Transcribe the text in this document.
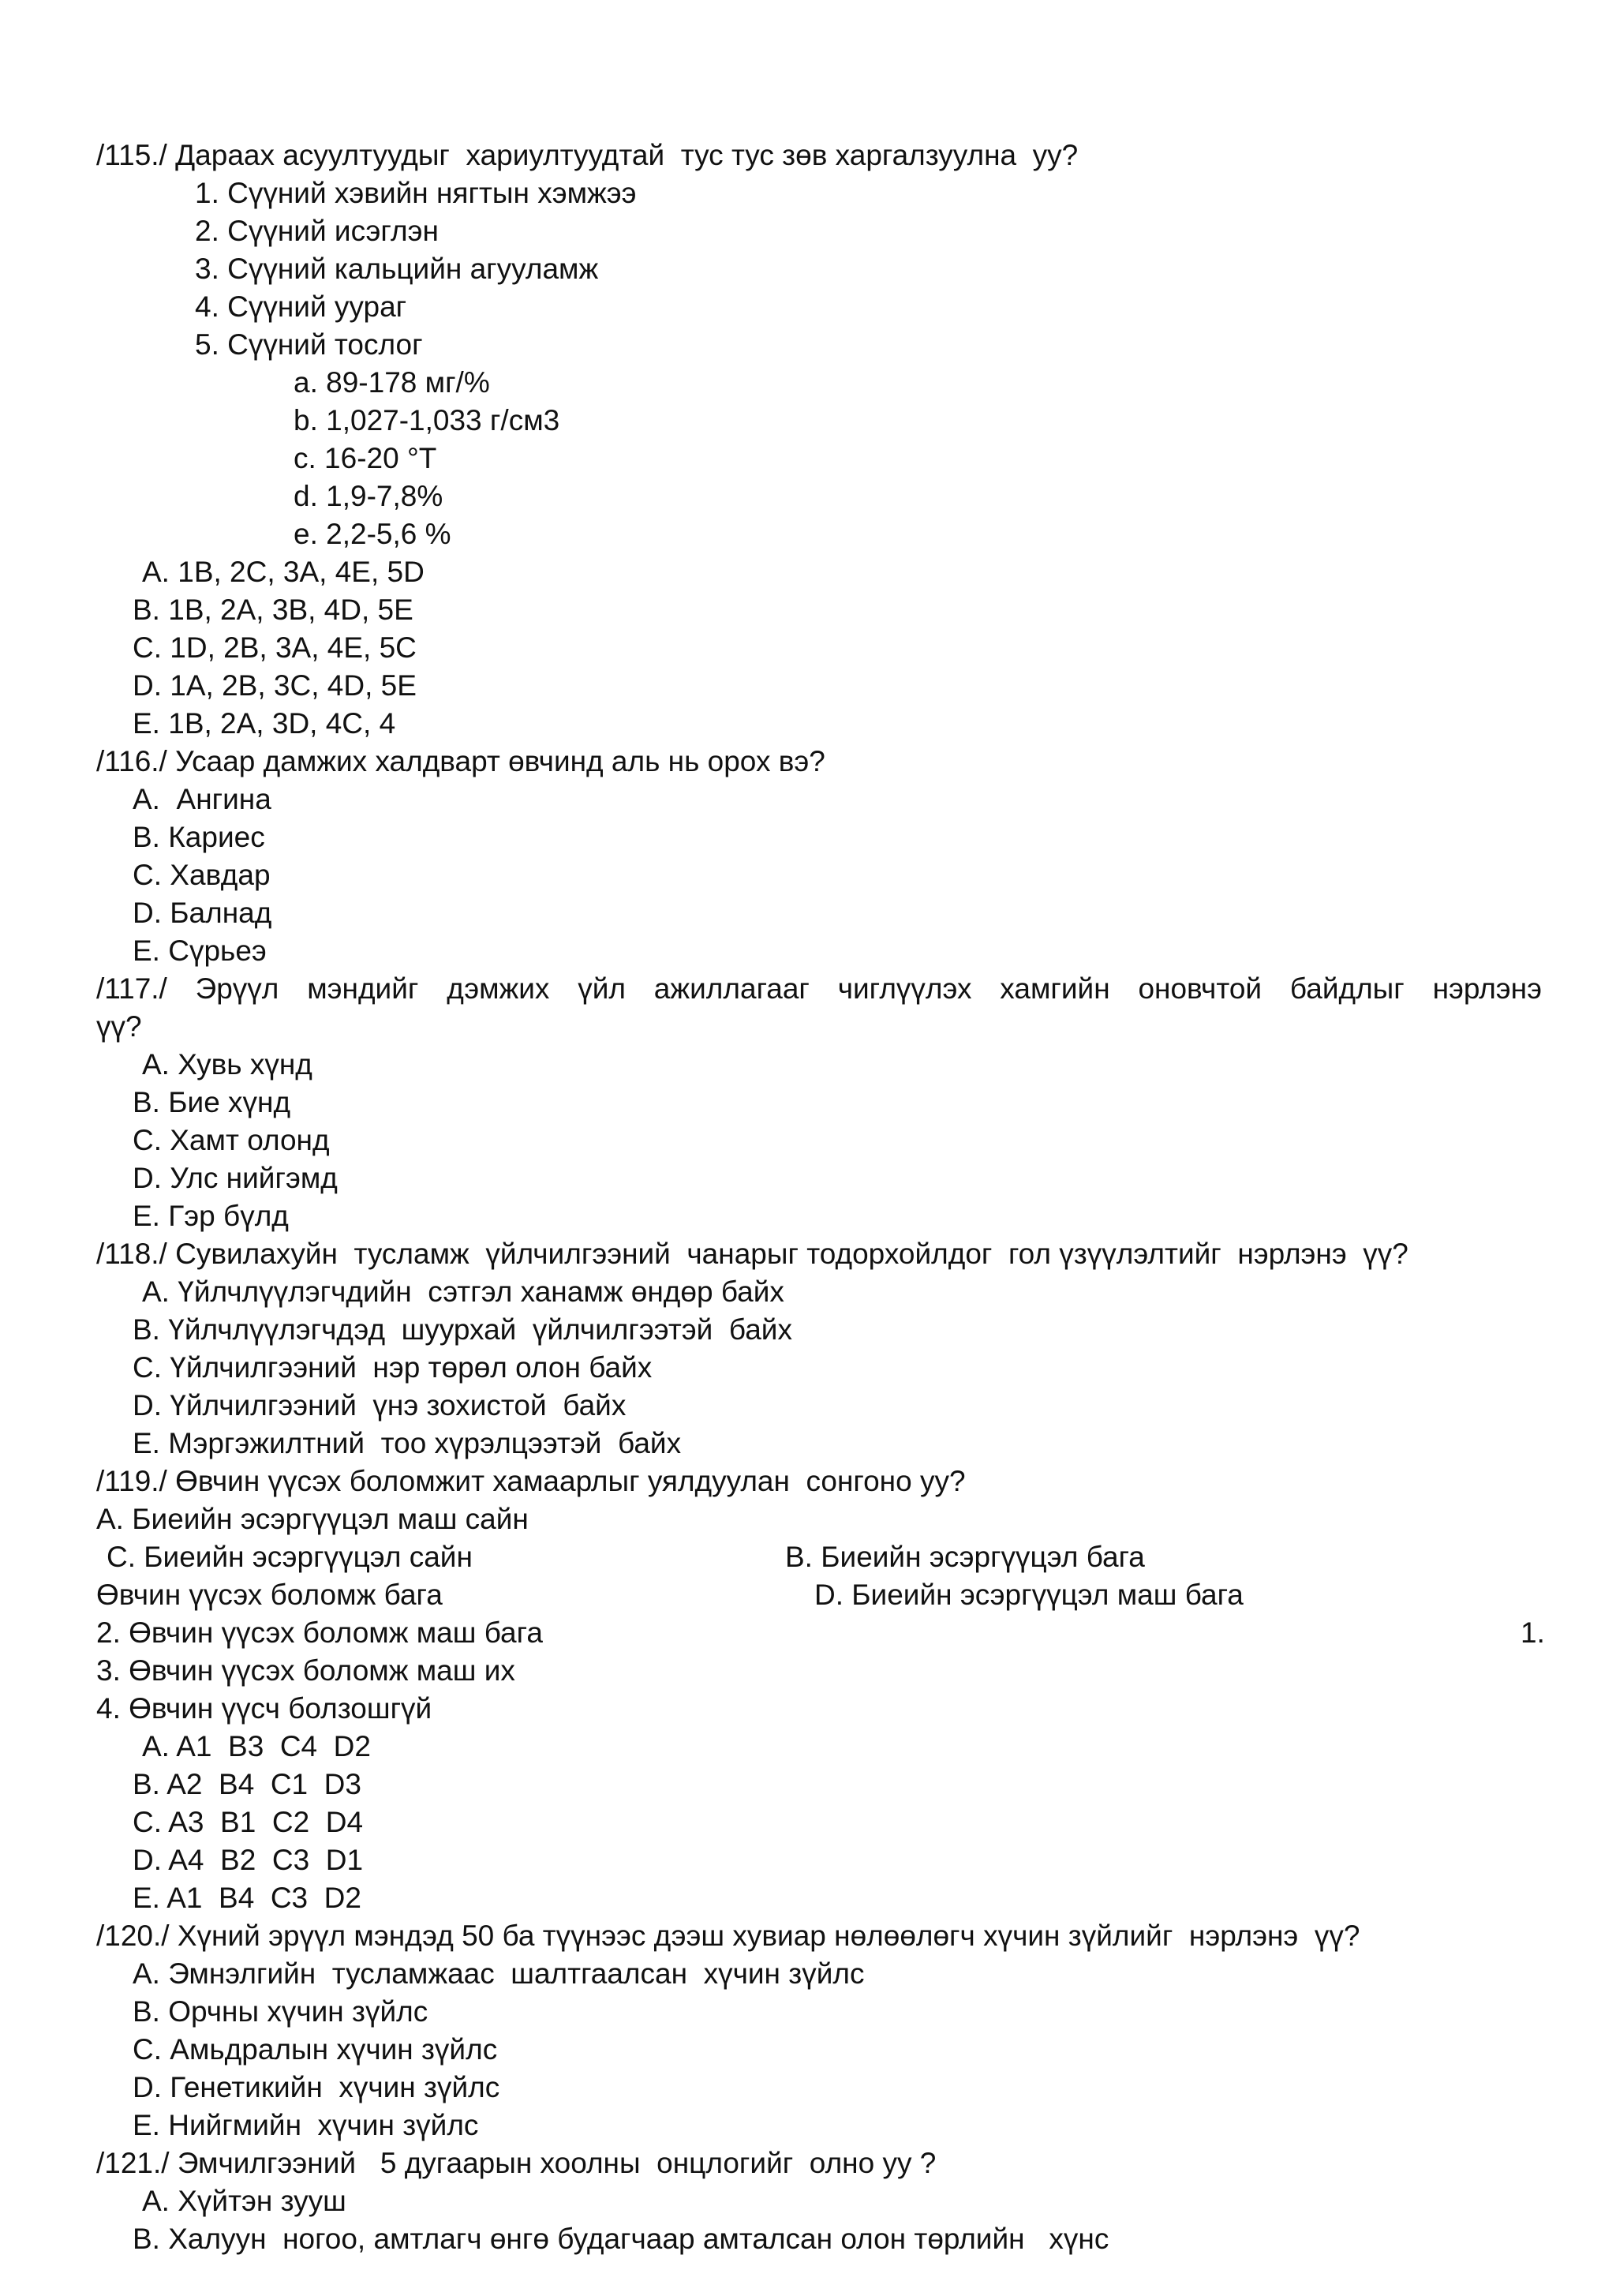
/115./ Дараах асуултуудыг  хариултуудтай  тус тус зөв харгалзуулна  уу?

1. Сүүний хэвийн нягтын хэмжээ

2. Сүүний исэглэн

3. Сүүний кальцийн агууламж

4. Сүүний уураг

5. Сүүний тослог

a. 89-178 мг/%

b. 1,027-1,033 г/см3

c. 16-20 °T

d. 1,9-7,8%

e. 2,2-5,6 %

A. 1B, 2C, 3A, 4E, 5D

B. 1B, 2A, 3B, 4D, 5E

C. 1D, 2B, 3A, 4E, 5C

D. 1A, 2B, 3C, 4D, 5E

E. 1B, 2A, 3D, 4C, 4

/116./ Усаар дамжих халдварт өвчинд аль нь орох вэ?

A.  Ангина

B. Кариес

C. Хавдар

D. Балнад

E. Сүрьеэ

/117./  Эрүүл  мэндийг  дэмжих  үйл  ажиллагааг  чиглүүлэх  хамгийн  оновчтой  байдлыг  нэрлэнэ

үү?

A. Хувь хүнд

B. Бие хүнд

C. Хамт олонд

D. Улс нийгэмд

E. Гэр бүлд

/118./ Сувилахуйн  тусламж  үйлчилгээний  чанарыг тодорхойлдог  гол үзүүлэлтийг  нэрлэнэ  үү?

A. Үйлчлүүлэгчдийн  сэтгэл ханамж өндөр байх

B. Үйлчлүүлэгчдэд  шуурхай  үйлчилгээтэй  байх

C. Үйлчилгээний  нэр төрөл олон байх

D. Үйлчилгээний  үнэ зохистой  байх

E. Мэргэжилтний  тоо хүрэлцээтэй  байх

/119./ Өвчин үүсэх боломжит хамаарлыг уялдуулан  сонгоно уу?

A. Биеийн эсэргүүцэл маш сайн

B. Биеийн эсэргүүцэл бага

C. Биеийн эсэргүүцэл сайн

D. Биеийн эсэргүүцэл маш бага

1.

Өвчин үүсэх боломж бага

2. Өвчин үүсэх боломж маш бага

3. Өвчин үүсэх боломж маш их

4. Өвчин үүсч болзошгүй

A. A1  B3  C4  D2

B. A2  B4  C1  D3

C. A3  B1  C2  D4

D. A4  B2  C3  D1

E. A1  B4  C3  D2

/120./ Хүний эрүүл мэндэд 50 ба түүнээс дээш хувиар нөлөөлөгч хүчин зүйлийг  нэрлэнэ  үү?

A. Эмнэлгийн  тусламжаас  шалтгаалсан  хүчин зүйлс

B. Орчны хүчин зүйлс

C. Амьдралын хүчин зүйлс

D. Генетикийн  хүчин зүйлс

E. Нийгмийн  хүчин зүйлс

/121./ Эмчилгээний   5 дугаарын хоолны  онцлогийг  олно уу ?

A. Хүйтэн зууш

B. Халуун  ногоо, амтлагч өнгө будагчаар амталсан олон төрлийн   хүнс
